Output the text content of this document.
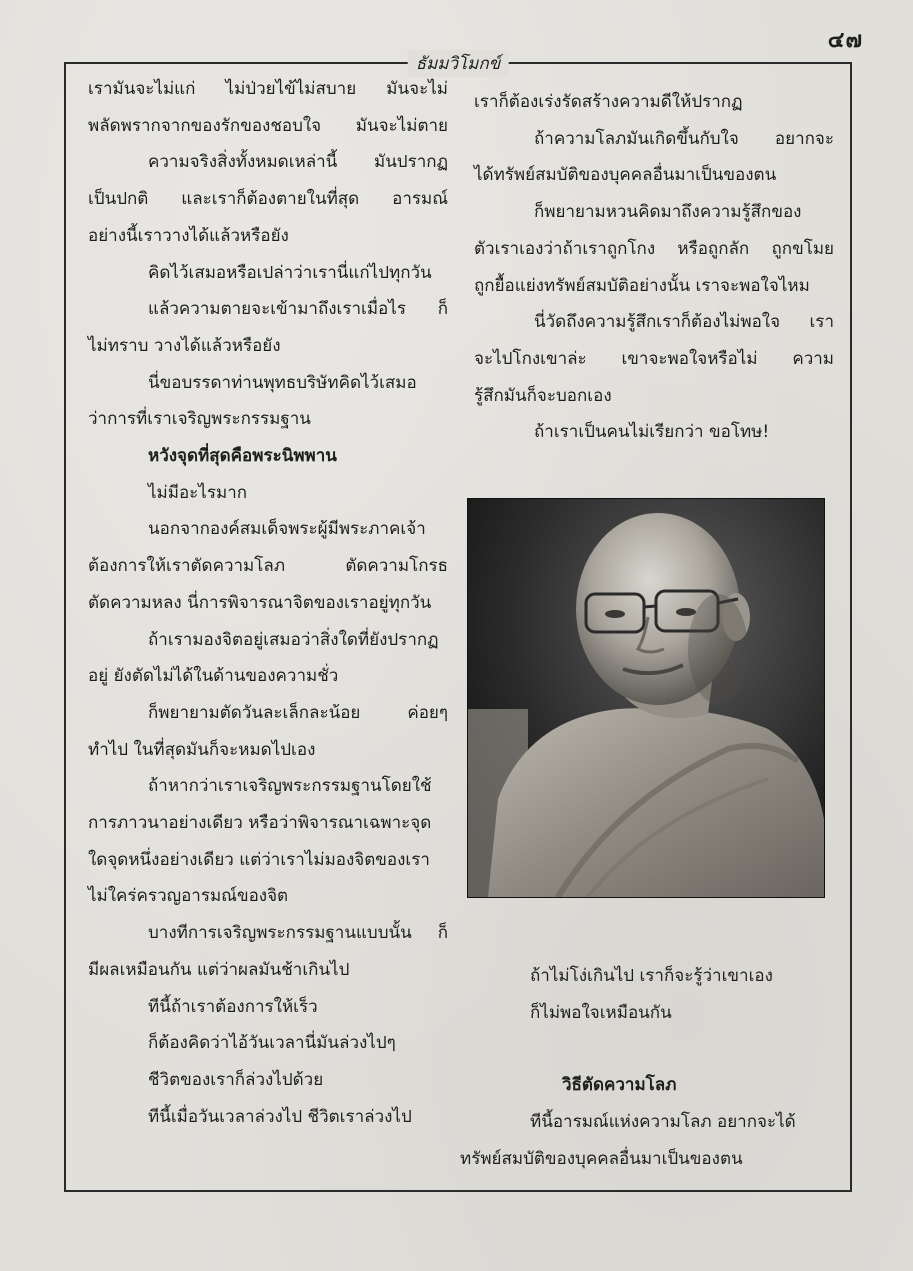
๔๗
ธัมมวิโมกข์
เรามันจะไม่แก่ ไม่ป่วยไข้ไม่สบาย มันจะไม่
พลัดพรากจากของรักของชอบใจ มันจะไม่ตาย
ความจริงสิ่งทั้งหมดเหล่านี้ มันปรากฏ
เป็นปกติ และเราก็ต้องตายในที่สุด อารมณ์
อย่างนี้เราวางได้แล้วหรือยัง
คิดไว้เสมอหรือเปล่าว่าเรานี่แก่ไปทุกวัน
แล้วความตายจะเข้ามาถึงเราเมื่อไร ก็
ไม่ทราบ วางได้แล้วหรือยัง
นี่ขอบรรดาท่านพุทธบริษัทคิดไว้เสมอ
ว่าการที่เราเจริญพระกรรมฐาน
หวังจุดที่สุดคือพระนิพพาน
ไม่มีอะไรมาก
นอกจากองค์สมเด็จพระผู้มีพระภาคเจ้า
ต้องการให้เราตัดความโลภ ตัดความโกรธ
ตัดความหลง นี่การพิจารณาจิตของเราอยู่ทุกวัน
ถ้าเรามองจิตอยู่เสมอว่าสิ่งใดที่ยังปรากฏ
อยู่ ยังตัดไม่ได้ในด้านของความชั่ว
ก็พยายามตัดวันละเล็กละน้อย ค่อยๆ
ทำไป ในที่สุดมันก็จะหมดไปเอง
ถ้าหากว่าเราเจริญพระกรรมฐานโดยใช้
การภาวนาอย่างเดียว หรือว่าพิจารณาเฉพาะจุด
ใดจุดหนึ่งอย่างเดียว แต่ว่าเราไม่มองจิตของเรา
ไม่ใคร่ครวญอารมณ์ของจิต
บางทีการเจริญพระกรรมฐานแบบนั้น ก็
มีผลเหมือนกัน แต่ว่าผลมันช้าเกินไป
ทีนี้ถ้าเราต้องการให้เร็ว
ก็ต้องคิดว่าไอ้วันเวลานี่มันล่วงไปๆ
ชีวิตของเราก็ล่วงไปด้วย
ทีนี้เมื่อวันเวลาล่วงไป ชีวิตเราล่วงไป
เราก็ต้องเร่งรัดสร้างความดีให้ปรากฏ
ถ้าความโลภมันเกิดขึ้นกับใจ อยากจะ
ได้ทรัพย์สมบัติของบุคคลอื่นมาเป็นของตน
ก็พยายามหวนคิดมาถึงความรู้สึกของ
ตัวเราเองว่าถ้าเราถูกโกง หรือถูกลัก ถูกขโมย
ถูกยื้อแย่งทรัพย์สมบัติอย่างนั้น เราจะพอใจไหม
นี่วัดถึงความรู้สึกเราก็ต้องไม่พอใจ เรา
จะไปโกงเขาล่ะ เขาจะพอใจหรือไม่ ความ
รู้สึกมันก็จะบอกเอง
ถ้าเราเป็นคนไม่เรียกว่า ขอโทษ!
ถ้าไม่โง่เกินไป เราก็จะรู้ว่าเขาเอง
ก็ไม่พอใจเหมือนกัน
วิธีตัดความโลภ
ทีนี้อารมณ์แห่งความโลภ อยากจะได้
ทรัพย์สมบัติของบุคคลอื่นมาเป็นของตน
